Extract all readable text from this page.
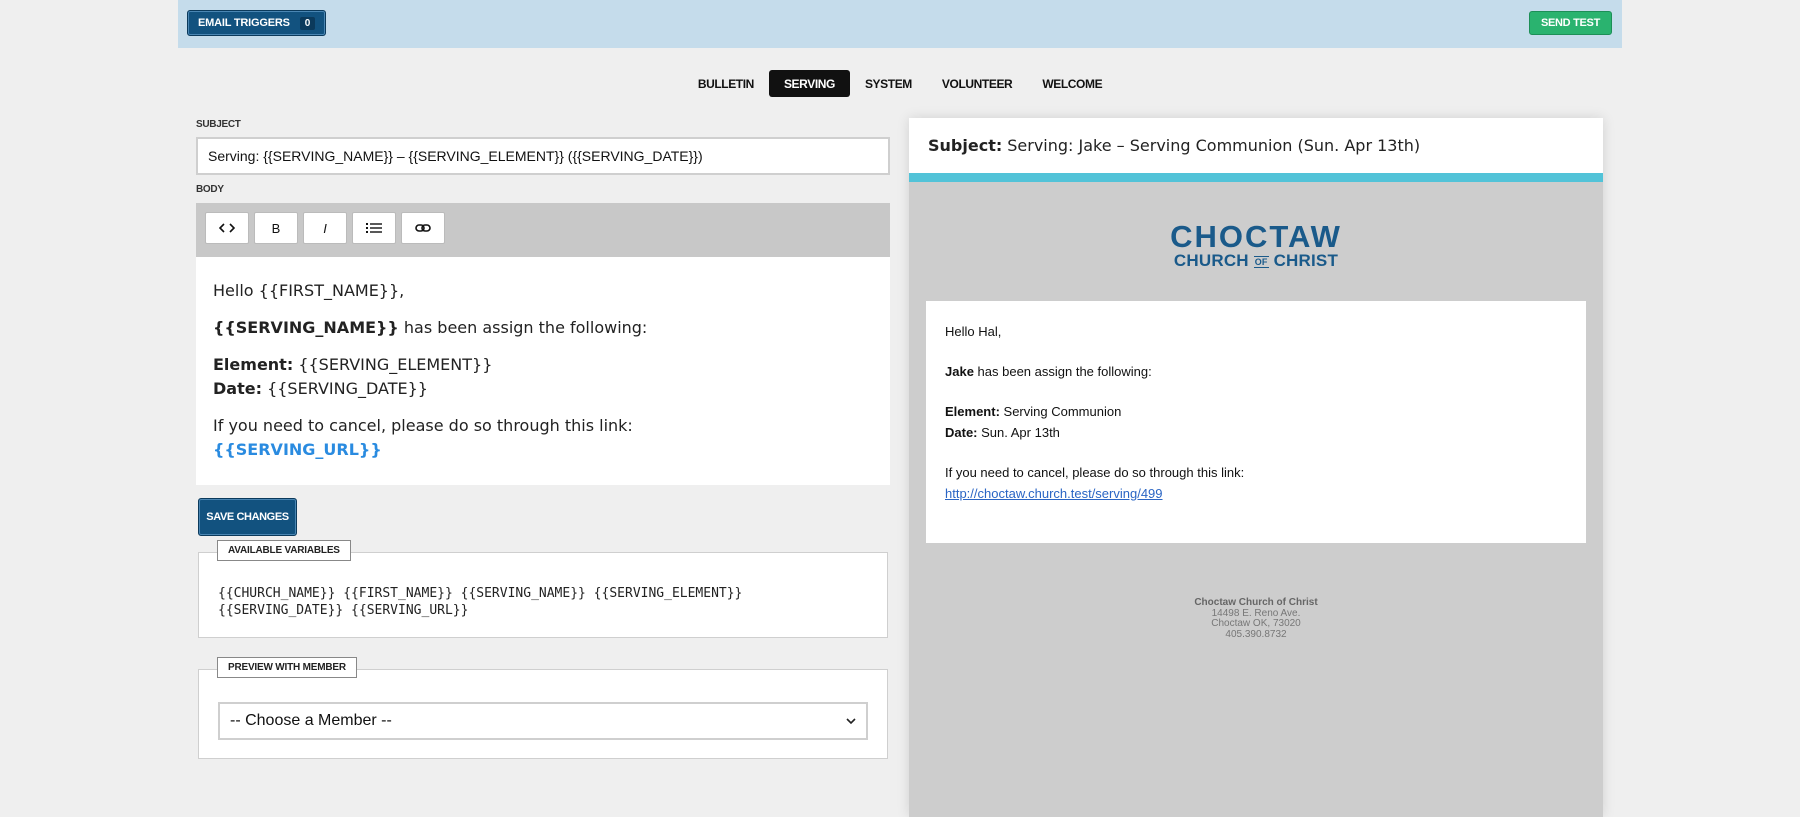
EMAIL TRIGGERS	0	SEND TEST
BULLETIN	SERVING	SYSTEM	VOLUNTEER	WELCOME
SUBJECT
Serving: {{SERVING_NAME}} – {{SERVING_ELEMENT}} ({{SERVING_DATE}})
BODY
B	I

Hello {{FIRST_NAME}},

{{SERVING_NAME}} has been assign the following:

Element: {{SERVING_ELEMENT}}
Date: {{SERVING_DATE}}

If you need to cancel, please do so through this link:
{{SERVING_URL}}

SAVE CHANGES
AVAILABLE VARIABLES
{{CHURCH_NAME}} {{FIRST_NAME}} {{SERVING_NAME}} {{SERVING_ELEMENT}} {{SERVING_DATE}} {{SERVING_URL}}
PREVIEW WITH MEMBER
-- Choose a Member --
Subject: Serving: Jake – Serving Communion (Sun. Apr 13th)
CHOCTAW
CHURCH OF CHRIST

Hello Hal,

Jake has been assign the following:

Element: Serving Communion
Date: Sun. Apr 13th

If you need to cancel, please do so through this link:
http://choctaw.church.test/serving/499

Choctaw Church of Christ
14498 E. Reno Ave.
Choctaw OK, 73020
405.390.8732
